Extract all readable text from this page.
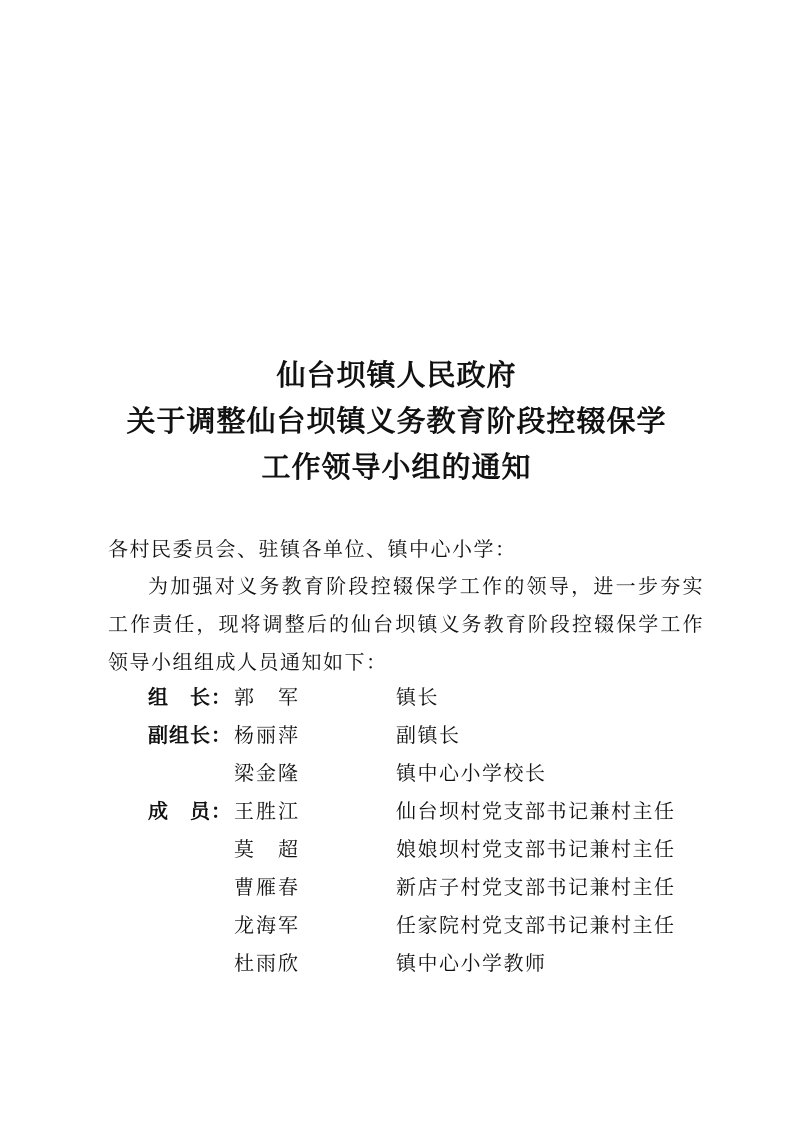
仙台坝镇人民政府
关于调整仙台坝镇义务教育阶段控辍保学
工作领导小组的通知
各村民委员会、驻镇各单位、镇中心小学：
为加强对义务教育阶段控辍保学工作的领导，进一步夯实工作责任，现将调整后的仙台坝镇义务教育阶段控辍保学工作领导小组组成人员通知如下：
组　长： 郭　军	镇长
副组长： 杨丽萍	副镇长
梁金隆	镇中心小学校长
成　员： 王胜江	仙台坝村党支部书记兼村主任
莫　超	娘娘坝村党支部书记兼村主任
曹雁春	新店子村党支部书记兼村主任
龙海军	任家院村党支部书记兼村主任
杜雨欣	镇中心小学教师
